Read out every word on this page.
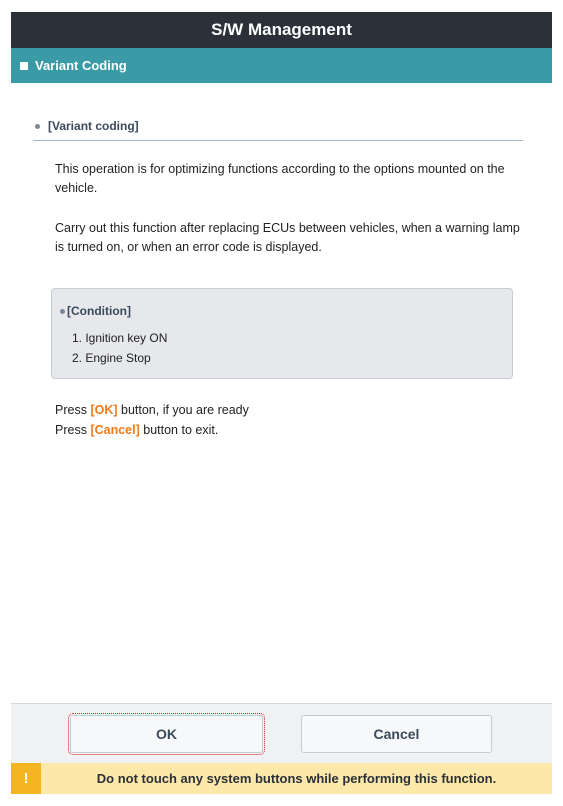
S/W Management
Variant Coding
[Variant coding]
This operation is for optimizing functions according to the options mounted on the vehicle.
Carry out this function after replacing ECUs between vehicles, when a warning lamp is turned on, or when an error code is displayed.
[Condition]
1. Ignition key ON
2. Engine Stop
Press [OK] button, if you are ready
Press [Cancel] button to exit.
OK	Cancel
!	Do not touch any system buttons while performing this function.
